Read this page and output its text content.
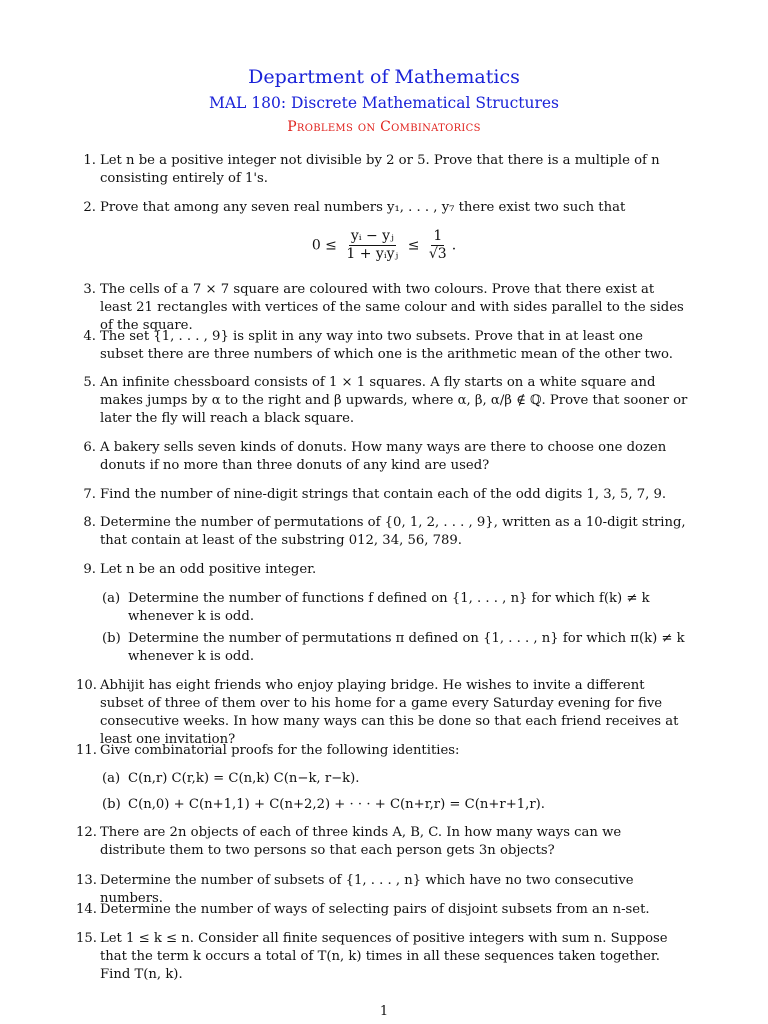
Department of Mathematics
MAL 180: Discrete Mathematical Structures
Problems on Combinatorics
1. Let n be a positive integer not divisible by 2 or 5. Prove that there is a multiple of n consisting entirely of 1's.
2. Prove that among any seven real numbers y₁, . . . , y₇ there exist two such that
$0 \le \frac{\text{yᵢ − yⱼ}}{\text{1 + yᵢyⱼ}} \le \frac{1}{√3}$ .
3. The cells of a 7 × 7 square are coloured with two colours. Prove that there exist at least 21 rectangles with vertices of the same colour and with sides parallel to the sides of the square.
4. The set {1, . . . , 9} is split in any way into two subsets. Prove that in at least one subset there are three numbers of which one is the arithmetic mean of the other two.
5. An infinite chessboard consists of 1 × 1 squares. A fly starts on a white square and makes jumps by α to the right and β upwards, where α, β, α/β ∉ ℚ. Prove that sooner or later the fly will reach a black square.
6. A bakery sells seven kinds of donuts. How many ways are there to choose one dozen donuts if no more than three donuts of any kind are used?
7. Find the number of nine-digit strings that contain each of the odd digits 1, 3, 5, 7, 9.
8. Determine the number of permutations of {0, 1, 2, . . . , 9}, written as a 10-digit string, that contain at least of the substring 012, 34, 56, 789.
9. Let n be an odd positive integer.
(a) Determine the number of functions f defined on {1, . . . , n} for which f(k) ≠ k whenever k is odd.
(b) Determine the number of permutations π defined on {1, . . . , n} for which π(k) ≠ k whenever k is odd.
10. Abhijit has eight friends who enjoy playing bridge. He wishes to invite a different subset of three of them over to his home for a game every Saturday evening for five consecutive weeks. In how many ways can this be done so that each friend receives at least one invitation?
11. Give combinatorial proofs for the following identities:
(a) C(n,r) C(r,k) = C(n,k) C(n−k, r−k).
(b) C(n,0) + C(n+1,1) + C(n+2,2) + · · · + C(n+r,r) = C(n+r+1,r).
12. There are 2n objects of each of three kinds A, B, C. In how many ways can we distribute them to two persons so that each person gets 3n objects?
13. Determine the number of subsets of {1, . . . , n} which have no two consecutive numbers.
14. Determine the number of ways of selecting pairs of disjoint subsets from an n-set.
15. Let 1 ≤ k ≤ n. Consider all finite sequences of positive integers with sum n. Suppose that the term k occurs a total of T(n, k) times in all these sequences taken together. Find T(n, k).
1
